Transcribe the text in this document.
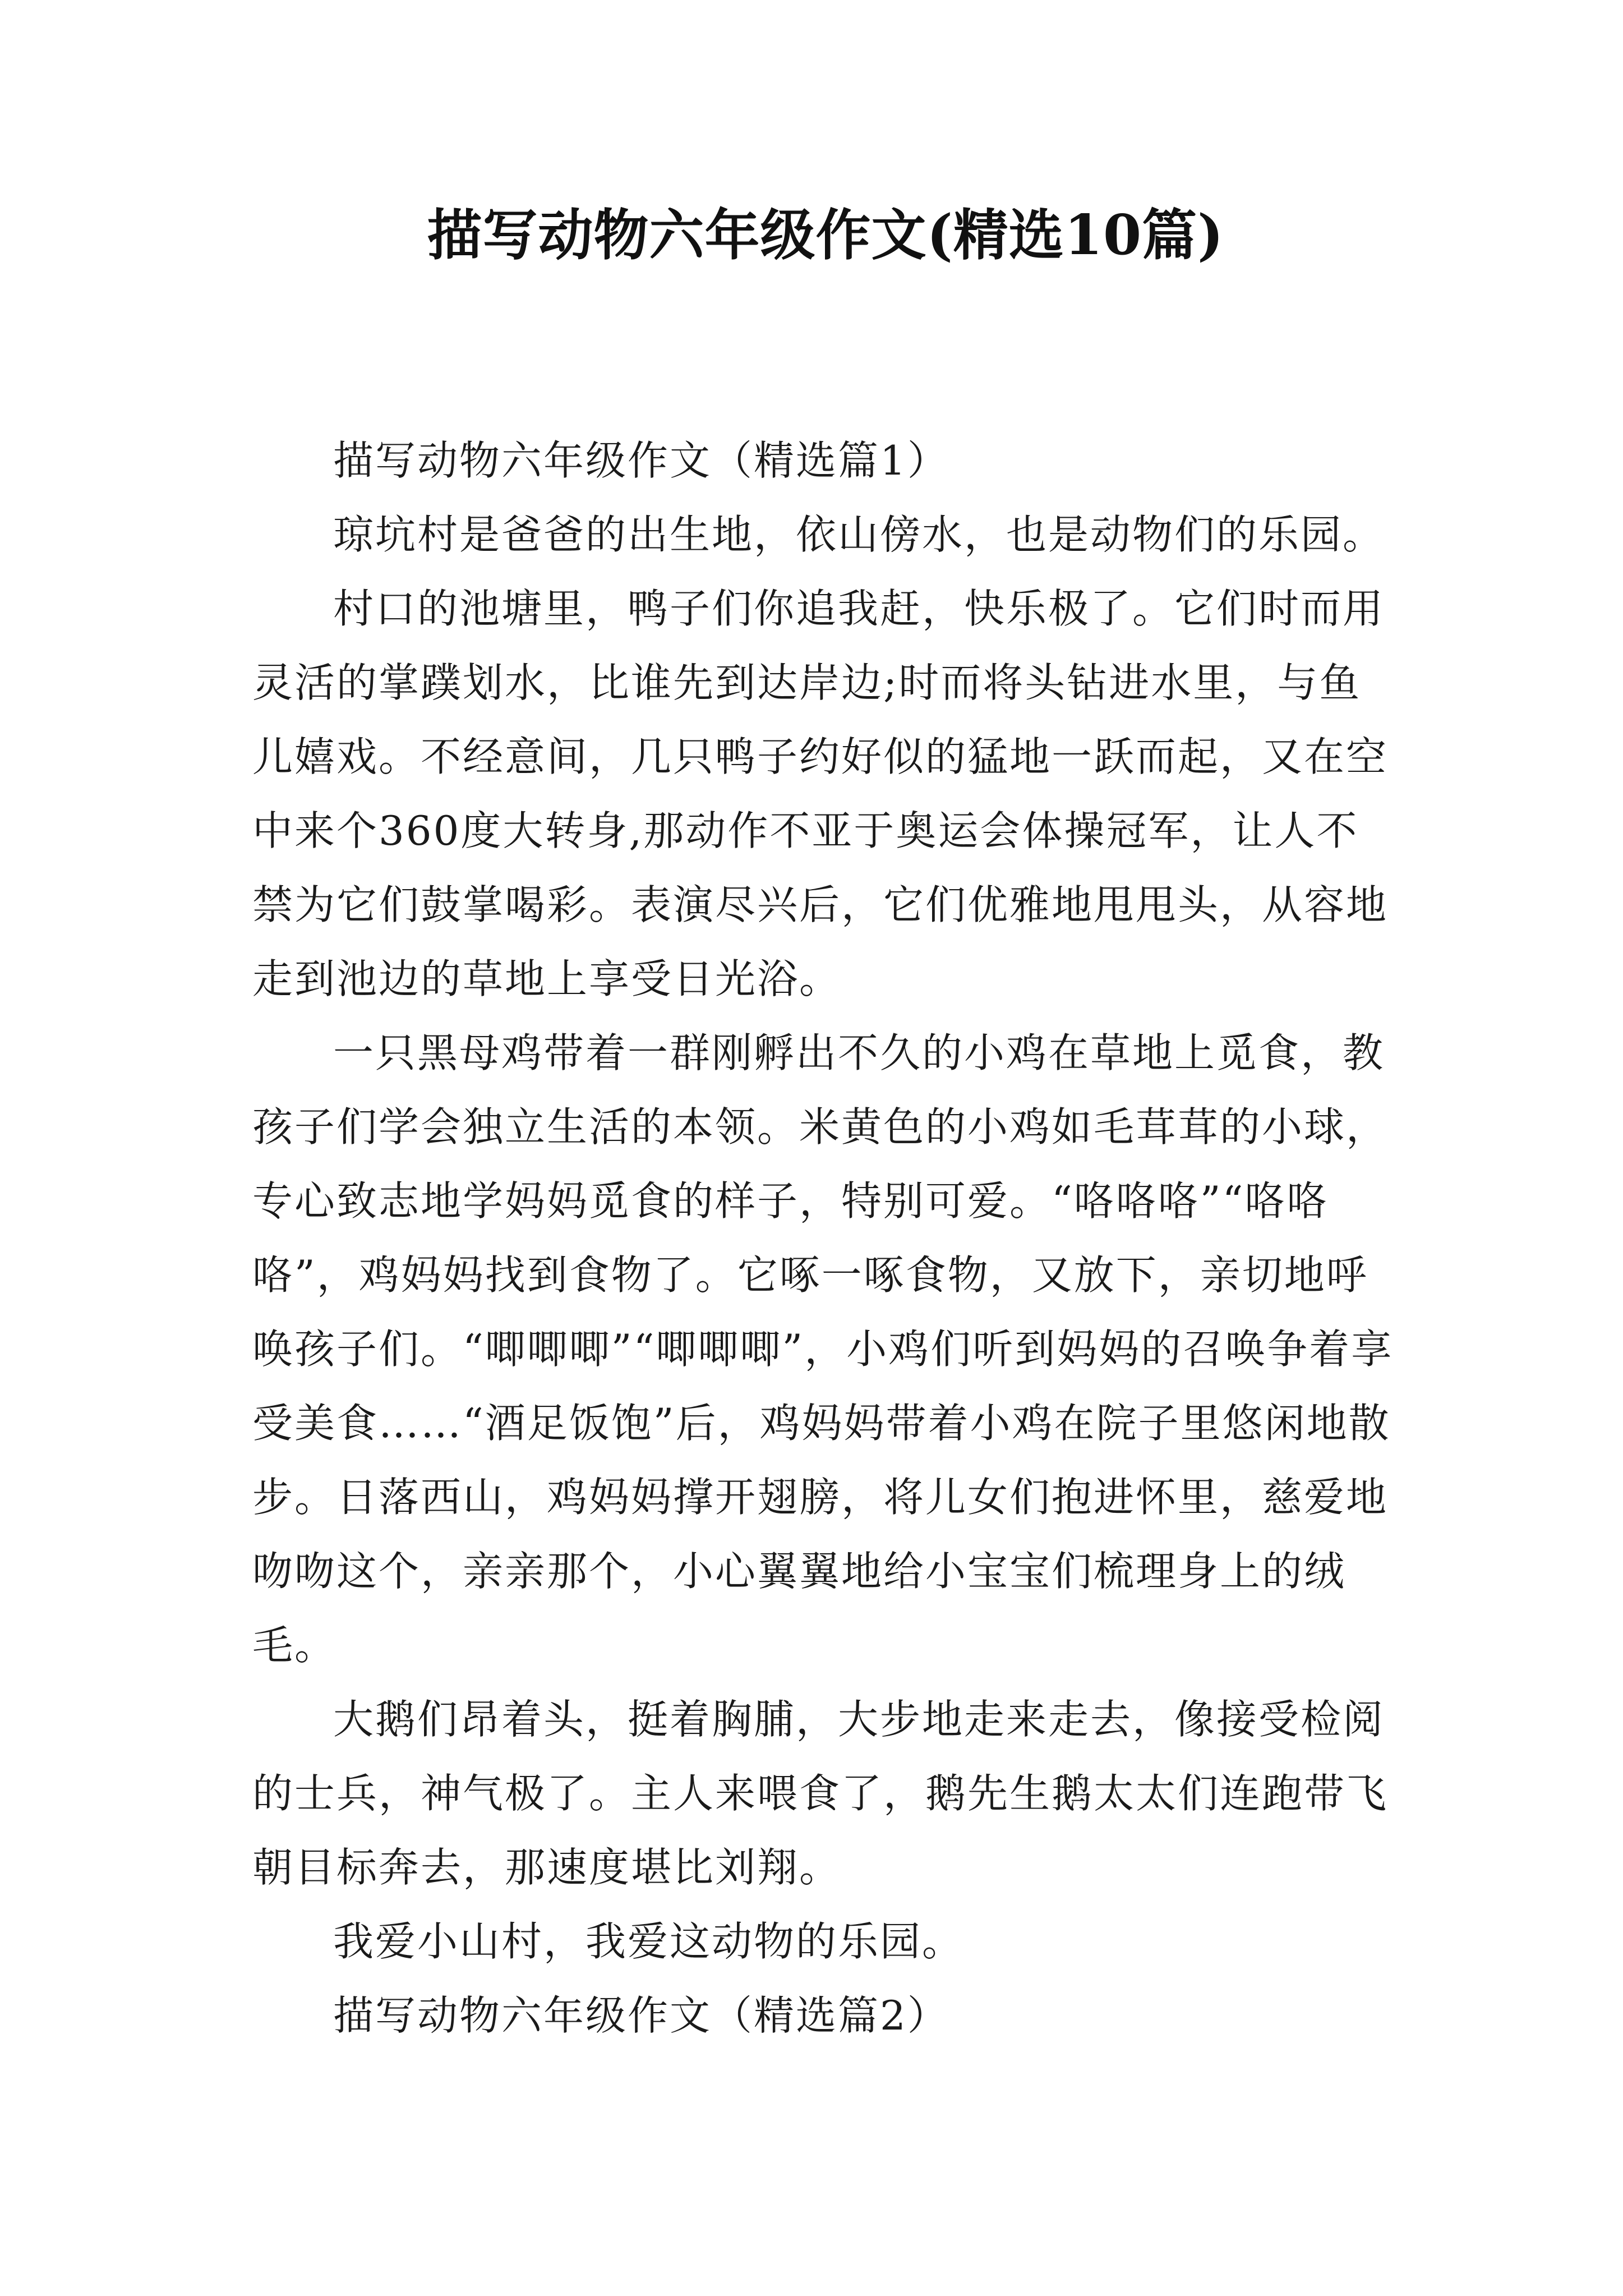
描写动物六年级作文(精选10篇)

描写动物六年级作文（精选篇1）

琼坑村是爸爸的出生地，依山傍水，也是动物们的乐园。

村口的池塘里，鸭子们你追我赶，快乐极了。它们时而用灵活的掌蹼划水，比谁先到达岸边;时而将头钻进水里，与鱼儿嬉戏。不经意间，几只鸭子约好似的猛地一跃而起，又在空中来个360度大转身,那动作不亚于奥运会体操冠军，让人不禁为它们鼓掌喝彩。表演尽兴后，它们优雅地甩甩头，从容地走到池边的草地上享受日光浴。

一只黑母鸡带着一群刚孵出不久的小鸡在草地上觅食，教孩子们学会独立生活的本领。米黄色的小鸡如毛茸茸的小球，专心致志地学妈妈觅食的样子，特别可爱。“咯咯咯”“咯咯咯”，鸡妈妈找到食物了。它啄一啄食物，又放下，亲切地呼唤孩子们。“唧唧唧”“唧唧唧”，小鸡们听到妈妈的召唤争着享受美食……“酒足饭饱”后，鸡妈妈带着小鸡在院子里悠闲地散步。日落西山，鸡妈妈撑开翅膀，将儿女们抱进怀里，慈爱地吻吻这个，亲亲那个，小心翼翼地给小宝宝们梳理身上的绒毛。

大鹅们昂着头，挺着胸脯，大步地走来走去，像接受检阅的士兵，神气极了。主人来喂食了，鹅先生鹅太太们连跑带飞朝目标奔去，那速度堪比刘翔。

我爱小山村，我爱这动物的乐园。

描写动物六年级作文（精选篇2）
